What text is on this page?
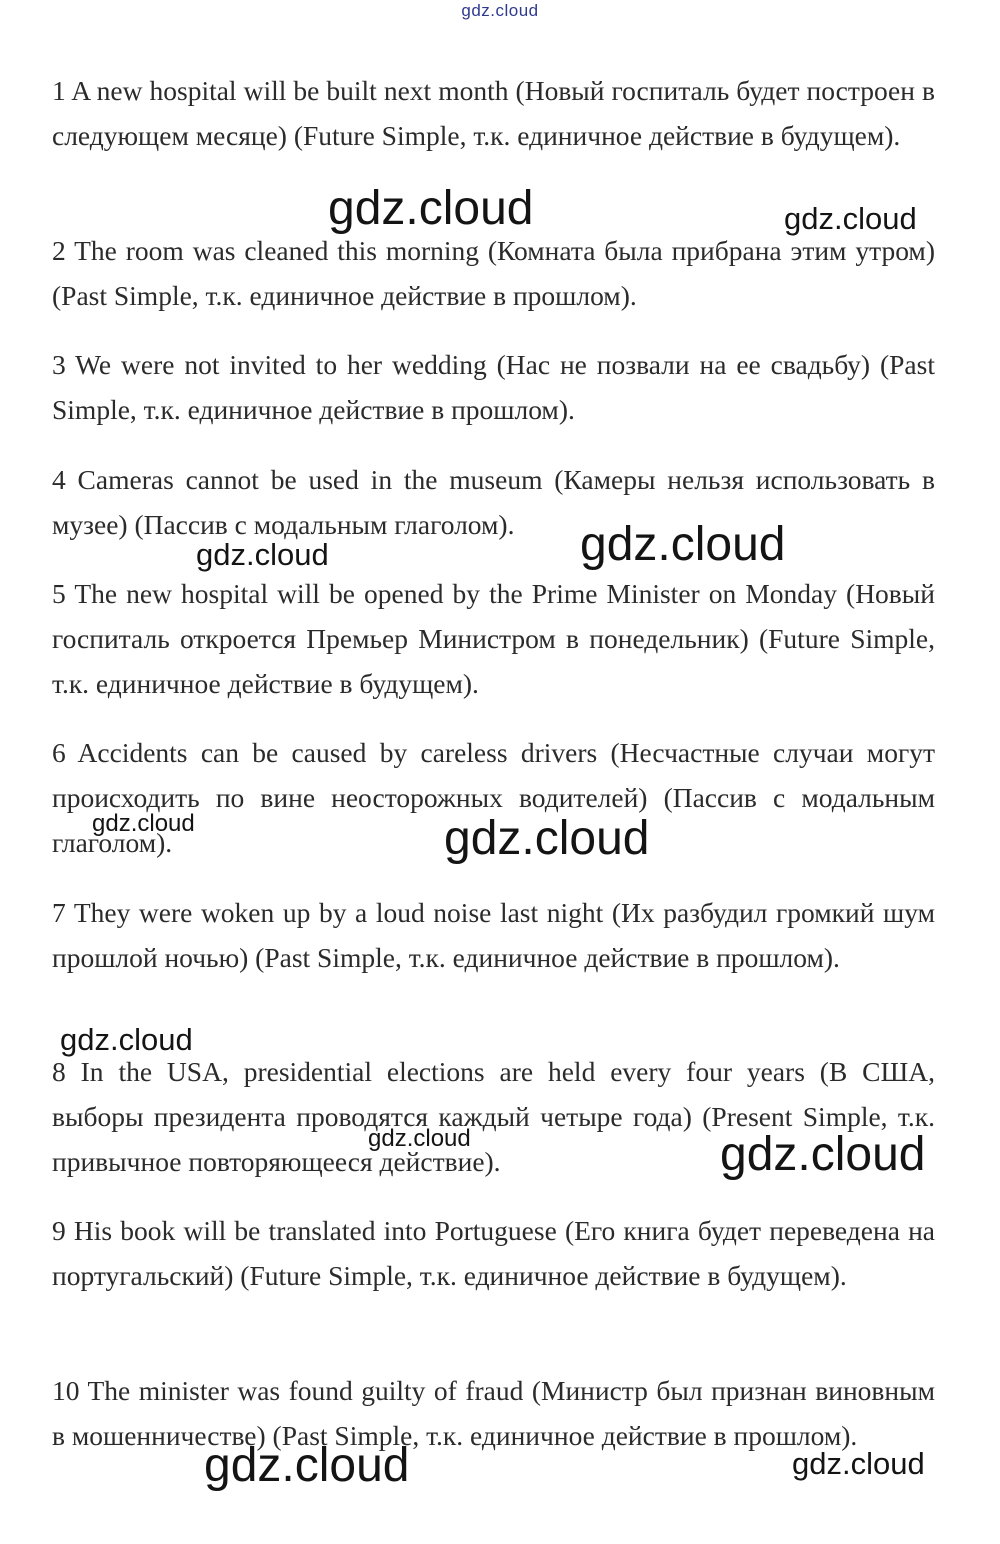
gdz.cloud

1 A new hospital will be built next month (Новый госпиталь будет построен в следующем месяце) (Future Simple, т.к. единичное действие в будущем).

2 The room was cleaned this morning (Комната была прибрана этим утром) (Past Simple, т.к. единичное действие в прошлом).

3 We were not invited to her wedding (Нас не позвали на ее свадьбу) (Past Simple, т.к. единичное действие в прошлом).

4 Cameras cannot be used in the museum (Камеры нельзя использовать в музее) (Пассив с модальным глаголом).

5 The new hospital will be opened by the Prime Minister on Monday (Новый госпиталь откроется Премьер Министром в понедельник) (Future Simple, т.к. единичное действие в будущем).

6 Accidents can be caused by careless drivers (Несчастные случаи могут происходить по вине неосторожных водителей) (Пассив с модальным глаголом).

7 They were woken up by a loud noise last night (Их разбудил громкий шум прошлой ночью) (Past Simple, т.к. единичное действие в прошлом).

8 In the USA, presidential elections are held every four years (В США, выборы президента проводятся каждый четыре года) (Present Simple, т.к. привычное повторяющееся действие).

9 His book will be translated into Portuguese (Его книга будет переведена на португальский) (Future Simple, т.к. единичное действие в будущем).

10 The minister was found guilty of fraud (Министр был признан виновным в мошенничестве) (Past Simple, т.к. единичное действие в прошлом).

gdz.cloud	gdz.cloud
gdz.cloud	gdz.cloud
gdz.cloud	gdz.cloud
gdz.cloud
gdz.cloud	gdz.cloud
gdz.cloud	gdz.cloud
